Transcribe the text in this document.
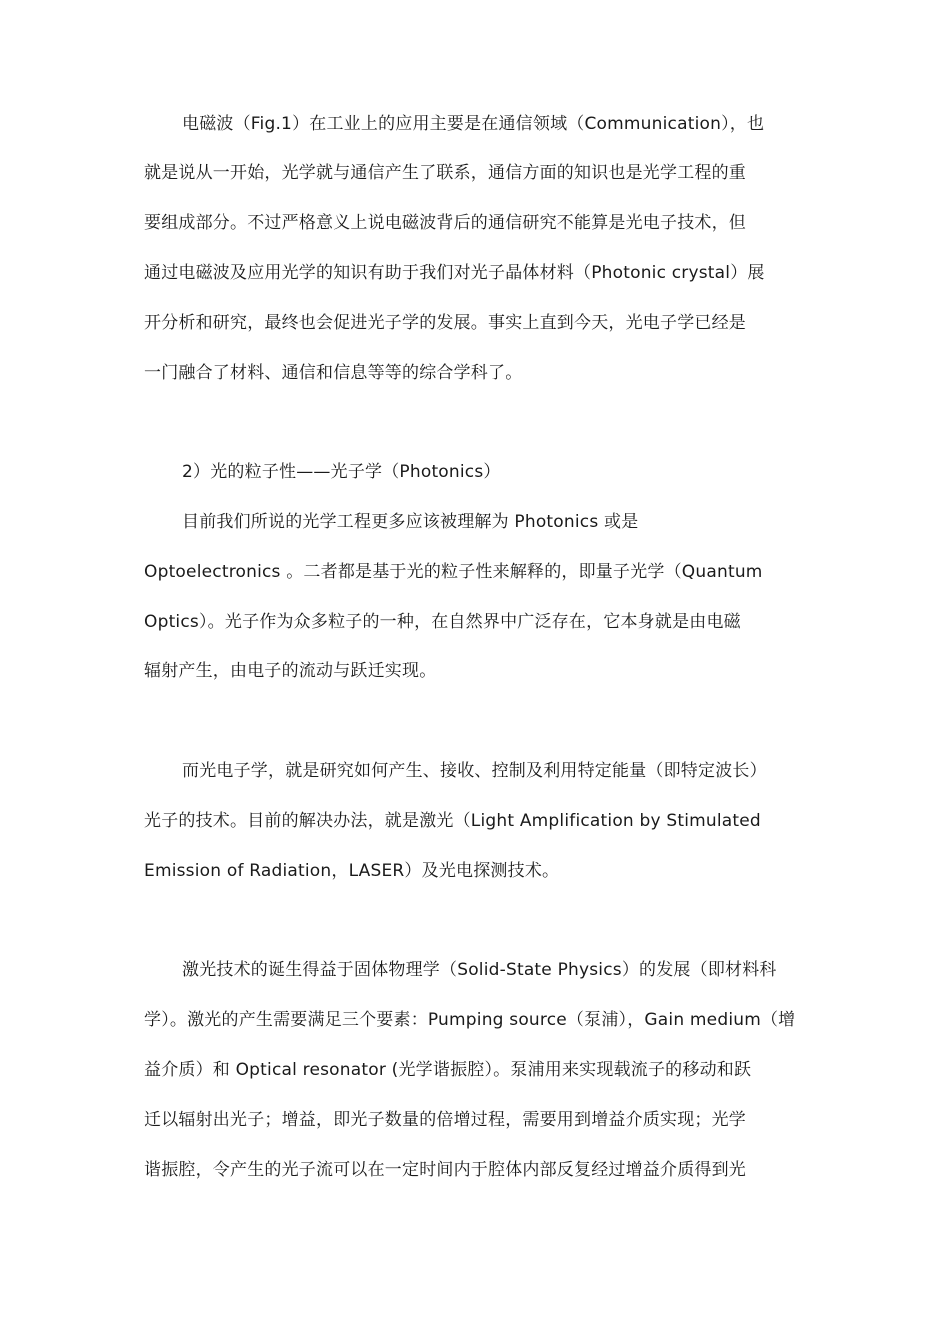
电磁波（Fig.1）在工业上的应用主要是在通信领域（Communication），也
就是说从一开始，光学就与通信产生了联系，通信方面的知识也是光学工程的重
要组成部分。不过严格意义上说电磁波背后的通信研究不能算是光电子技术，但
通过电磁波及应用光学的知识有助于我们对光子晶体材料（Photonic crystal）展
开分析和研究，最终也会促进光子学的发展。事实上直到今天，光电子学已经是
一门融合了材料、通信和信息等等的综合学科了。
2）光的粒子性——光子学（Photonics）
目前我们所说的光学工程更多应该被理解为 Photonics 或是
Optoelectronics 。二者都是基于光的粒子性来解释的，即量子光学（Quantum
Optics）。光子作为众多粒子的一种，在自然界中广泛存在，它本身就是由电磁
辐射产生，由电子的流动与跃迁实现。
而光电子学，就是研究如何产生、接收、控制及利用特定能量（即特定波长）
光子的技术。目前的解决办法，就是激光（Light Amplification by Stimulated
Emission of Radiation，LASER）及光电探测技术。
激光技术的诞生得益于固体物理学（Solid-State Physics）的发展（即材料科
学）。激光的产生需要满足三个要素：Pumping source（泵浦），Gain medium（增
益介质）和 Optical resonator (光学谐振腔）。泵浦用来实现载流子的移动和跃
迁以辐射出光子；增益，即光子数量的倍增过程，需要用到增益介质实现；光学
谐振腔，令产生的光子流可以在一定时间内于腔体内部反复经过增益介质得到光
